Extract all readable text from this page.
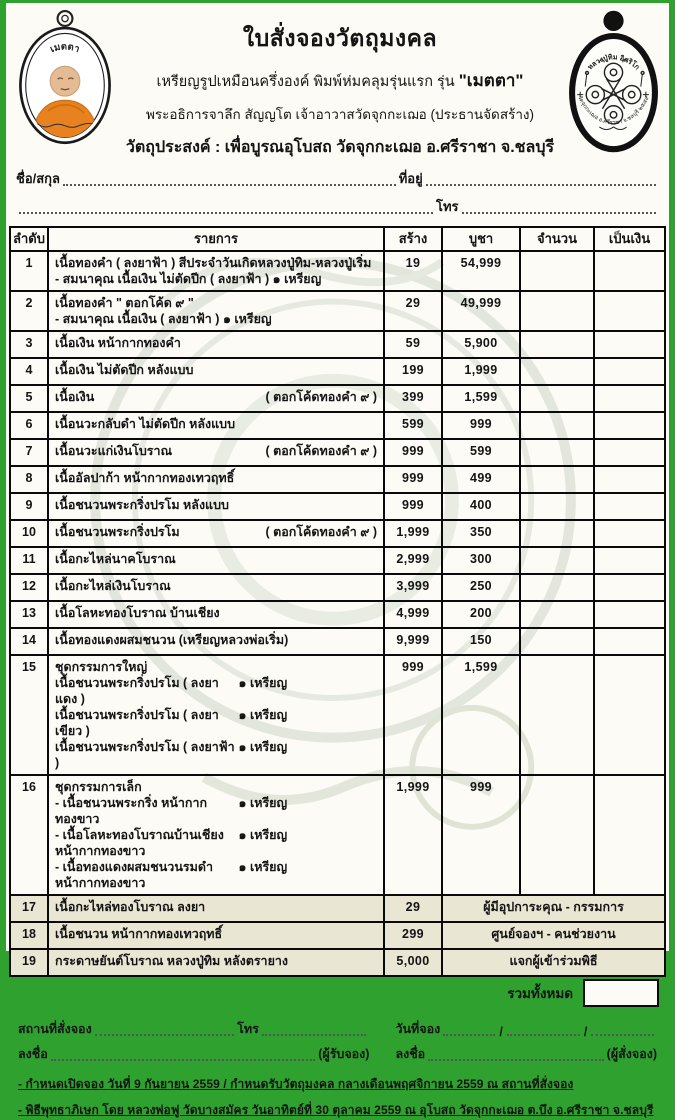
เมตตา	ใบสั่งจองวัตถุมงคล
เหรียญรูปเหมือนครึ่งองค์ พิมพ์ห่มคลุมรุ่นแรก รุ่น "เมตตา"
พระอธิการจาลึก สัญญโต เจ้าอาวาสวัดจุกกะเฌอ (ประธานจัดสร้าง)
วัตถุประสงค์ : เพื่อบูรณอุโบสถ วัดจุกกะเฌอ อ.ศรีราชา จ.ชลบุรี
หลวงปู่ทิม อิสริโก
วัดจุกกะเฌอ อ.ศรีราชา จ.ชลบุรี ๒๕๕๙
ชื่อ/สกุล	ที่อยู่
โทร
ลำดับ	รายการ	สร้าง	บูชา	จำนวน	เป็นเงิน
1	เนื้อทองคำ ( ลงยาฟ้า ) สีประจำวันเกิดหลวงปู่ทิม-หลวงปู่เริ่ม
- สมนาคุณ เนื้อเงิน ไม่ตัดปีก ( ลงยาฟ้า ) ๑ เหรียญ	19	54,999		
2	เนื้อทองคำ " ตอกโค้ด ๙ "
- สมนาคุณ เนื้อเงิน ( ลงยาฟ้า ) ๑ เหรียญ	29	49,999		
3	เนื้อเงิน หน้ากากทองคำ	59	5,900		
4	เนื้อเงิน ไม่ตัดปีก หลังแบบ	199	1,999		
5	เนื้อเงิน ( ตอกโค้ดทองคำ ๙ )	399	1,599		
6	เนื้อนวะกลับดำ ไม่ตัดปีก หลังแบบ	599	999		
7	เนื้อนวะแก่เงินโบราณ ( ตอกโค้ดทองคำ ๙ )	999	599		
8	เนื้ออัลปาก้า หน้ากากทองเทวฤทธิ์	999	499		
9	เนื้อชนวนพระกริ่งปรโม หลังแบบ	999	400		
10	เนื้อชนวนพระกริ่งปรโม ( ตอกโค้ดทองคำ ๙ )	1,999	350		
11	เนื้อกะไหล่นาคโบราณ	2,999	300		
12	เนื้อกะไหล่เงินโบราณ	3,999	250		
13	เนื้อโลหะทองโบราณ บ้านเชียง	4,999	200		
14	เนื้อทองแดงผสมชนวน (เหรียญหลวงพ่อเริ่ม)	9,999	150		
15	ชุดกรรมการใหญ่
เนื้อชนวนพระกริ่งปรโม ( ลงยาแดง )
๑ เหรียญ
เนื้อชนวนพระกริ่งปรโม ( ลงยาเขียว )
๑ เหรียญ
เนื้อชนวนพระกริ่งปรโม ( ลงยาฟ้า )
๑ เหรียญ
	999	1,599		
16	ชุดกรรมการเล็ก
- เนื้อชนวนพระกริ่ง หน้ากากทองขาว
๑ เหรียญ
- เนื้อโลหะทองโบราณบ้านเชียง หน้ากากทองขาว
๑ เหรียญ
- เนื้อทองแดงผสมชนวนรมดำ หน้ากากทองขาว
๑ เหรียญ
	1,999	999		
17	เนื้อกะไหล่ทองโบราณ ลงยา	29	ผู้มีอุปการะคุณ - กรรมการ		
18	เนื้อชนวน หน้ากากทองเทวฤทธิ์	299	ศูนย์จองฯ - คนช่วยงาน		
19	กระดาษยันต์โบราณ หลวงปู่ทิม หลังตรายาง	5,000	แจกผู้เข้าร่วมพิธี		
รวมทั้งหมด
สถานที่สั่งจอง	โทร
ลงชื่อ	(ผู้รับจอง)
วันที่จอง	/	/
ลงชื่อ	(ผู้สั่งจอง)
- กำหนดเปิดจอง วันที่ 9 กันยายน 2559 / กำหนดรับวัตถุมงคล กลางเดือนพฤศจิกายน 2559 ณ สถานที่สั่งจอง
- พิธีพุทธาภิเษก โดย หลวงพ่อฟู วัดบางสมัคร วันอาทิตย์ที่ 30 ตุลาคม 2559 ณ อุโบสถ วัดจุกกะเฌอ ต.บึง อ.ศรีราชา จ.ชลบุรี
